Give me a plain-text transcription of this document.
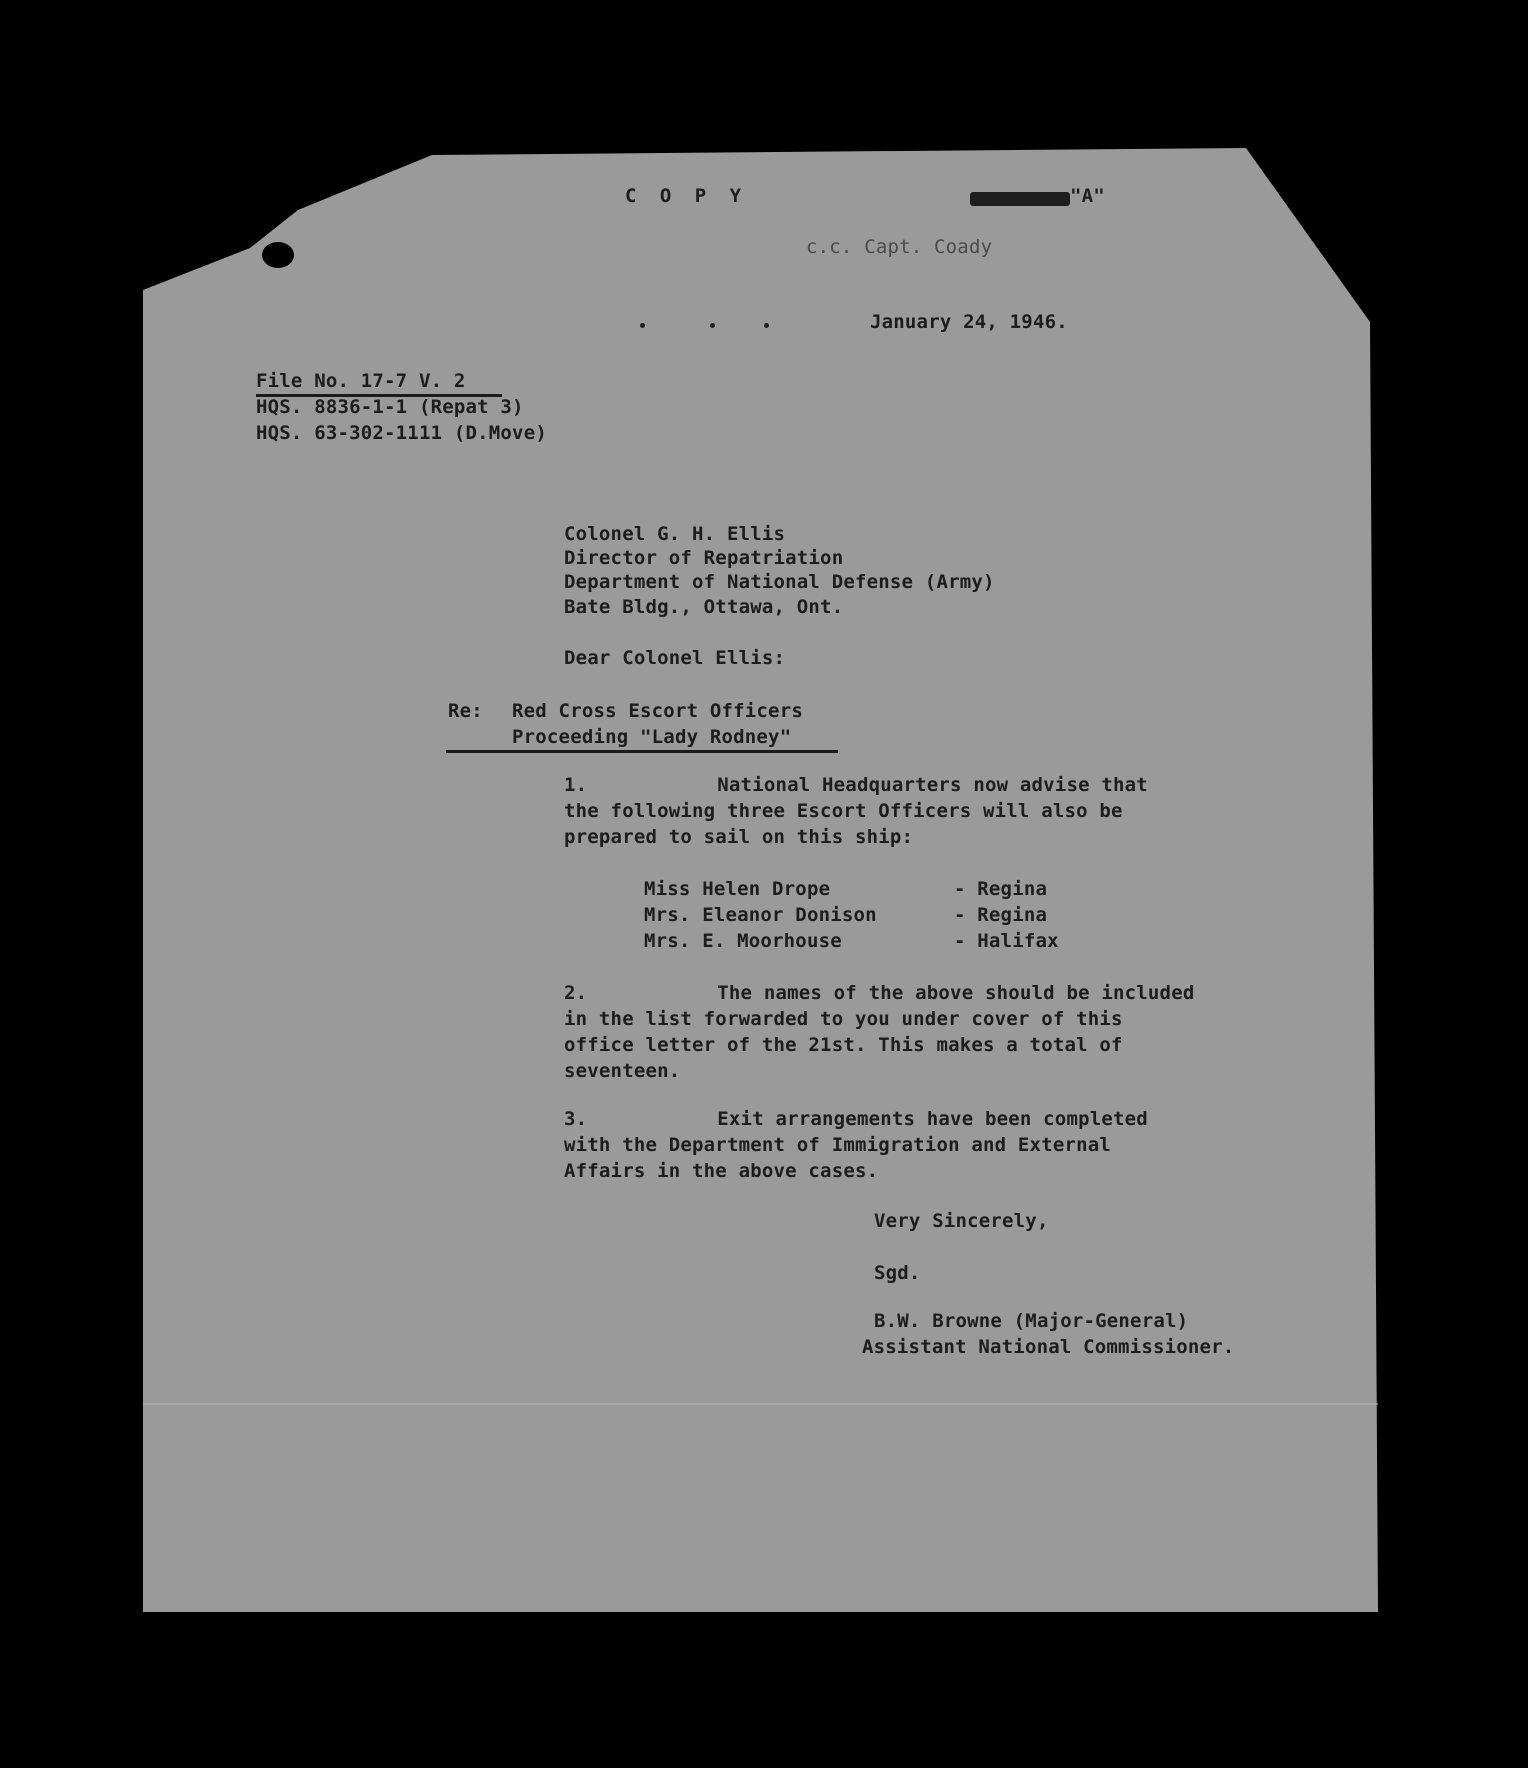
C O P Y	"A"
c.c. Capt. Coady
January 24, 1946.
File No. 17-7 V. 2
HQS. 8836-1-1 (Repat 3)
HQS. 63-302-1111 (D.Move)
Colonel G. H. Ellis
Director of Repatriation
Department of National Defense (Army)
Bate Bldg., Ottawa, Ont.
Dear Colonel Ellis:
Re: Red Cross Escort Officers
Proceeding "Lady Rodney"
1.	National Headquarters now advise that
the following three Escort Officers will also be
prepared to sail on this ship:
Miss Helen Drope	- Regina
Mrs. Eleanor Donison	- Regina
Mrs. E. Moorhouse	- Halifax
2.	The names of the above should be included
in the list forwarded to you under cover of this
office letter of the 21st. This makes a total of
seventeen.
3.	Exit arrangements have been completed
with the Department of Immigration and External
Affairs in the above cases.
Very Sincerely,
Sgd.
B.W. Browne (Major-General)
Assistant National Commissioner.
